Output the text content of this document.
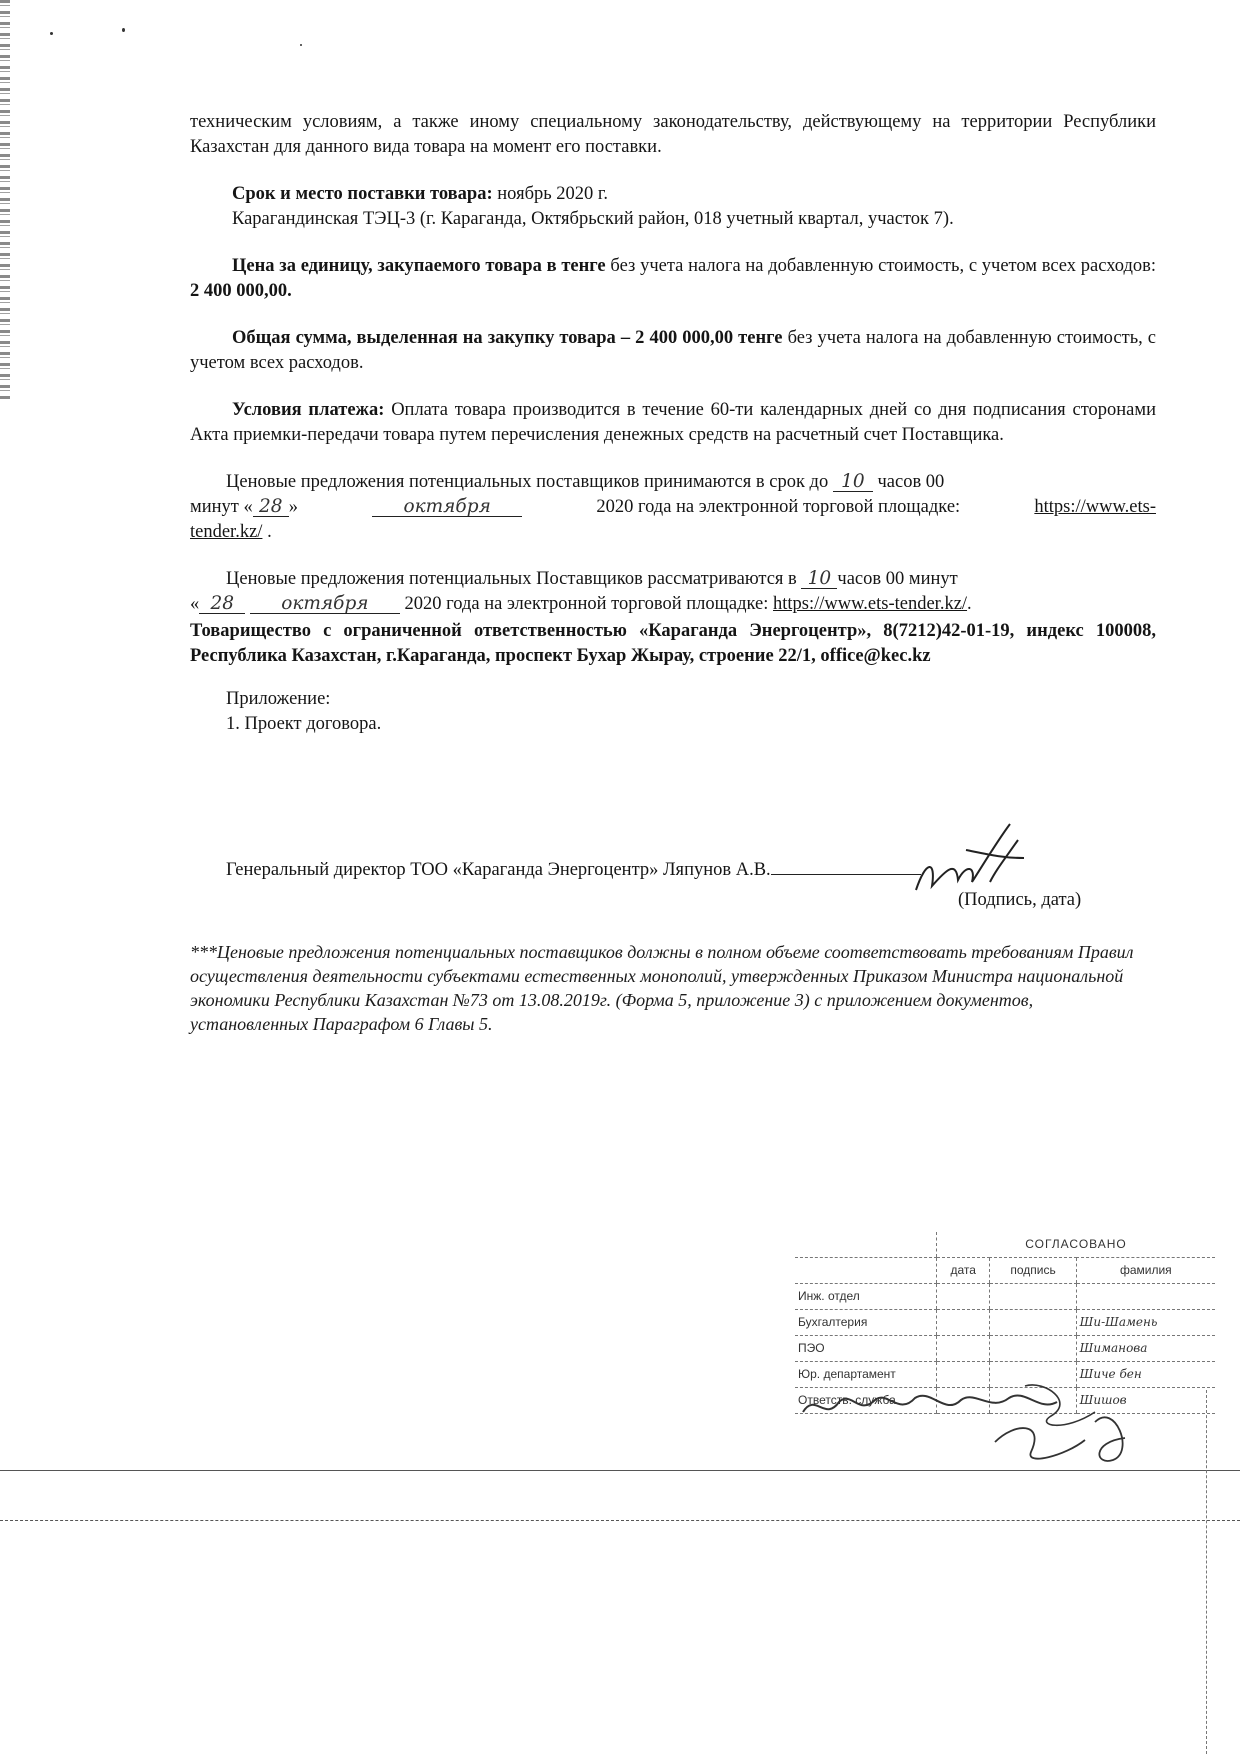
техническим условиям, а также иному специальному законодательству, действующему на территории Республики Казахстан для данного вида товара на момент его поставки.

Срок и место поставки товара: ноябрь 2020 г.

Карагандинская ТЭЦ-3 (г. Караганда, Октябрьский район, 018 учетный квартал, участок 7).

Цена за единицу, закупаемого товара в тенге без учета налога на добавленную стоимость, с учетом всех расходов: 2 400 000,00.

Общая сумма, выделенная на закупку товара – 2 400 000,00 тенге без учета налога на добавленную стоимость, с учетом всех расходов.

Условия платежа: Оплата товара производится в течение 60-ти календарных дней со дня подписания сторонами Акта приемки-передачи товара путем перечисления денежных средств на расчетный счет Поставщика.

Ценовые предложения потенциальных поставщиков принимаются в срок до
10
часов 00
минут « 28 »	октября	2020 года на электронной торговой площадке:	https://www.ets-
tender.kz/
.
Ценовые предложения потенциальных Поставщиков рассматриваются в
10 часов 00 минут
« 28
	октября
	2020 года на электронной торговой площадке:
https://www.ets-tender.kz/ .

Товарищество с ограниченной ответственностью «Караганда Энергоцентр», 8(7212)42-01-19, индекс 100008, Республика Казахстан, г.Караганда, проспект Бухар Жырау, строение 22/1, office@kec.kz

Приложение:

1. Проект договора.

Генеральный директор ТОО «Караганда Энергоцентр» Ляпунов А.В.
(Подпись, дата)
***Ценовые предложения потенциальных поставщиков должны в полном объеме соответствовать требованиям Правил осуществления деятельности субъектами естественных монополий, утвержденных Приказом Министра национальной экономики Республики Казахстан №73 от 13.08.2019г. (Форма 5, приложение 3) с приложением документов, установленных Параграфом 6 Главы 5.
	СОГЛАСОВАНО		
	дата	подпись	фамилия
Инж. отдел			
Бухгалтерия			Ши-Шамень
ПЭО			Шиманова
Юр. департамент			Шиче бен
Ответств. служба			Шишов
